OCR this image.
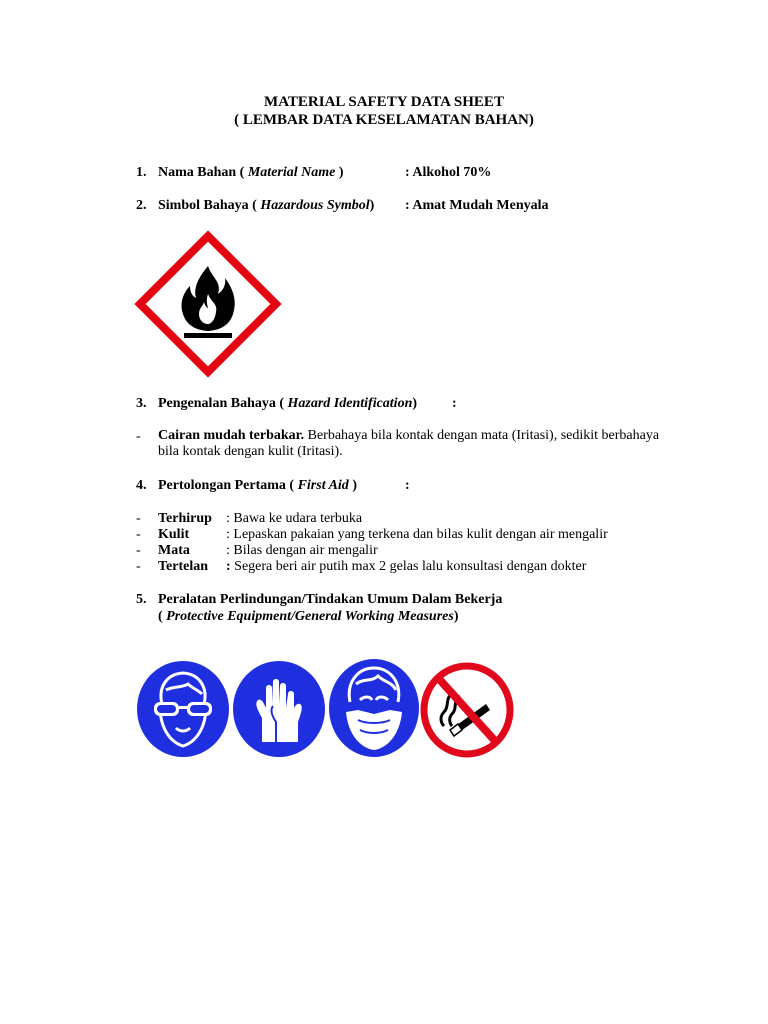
MATERIAL SAFETY DATA SHEET
( LEMBAR DATA KESELAMATAN BAHAN)
1. Nama Bahan ( Material Name )	: Alkohol 70%
2. Simbol Bahaya ( Hazardous Symbol) : Amat Mudah Menyala
3. Pengenalan Bahaya ( Hazard Identification) :
- Cairan mudah terbakar. Berbahaya bila kontak dengan mata (Iritasi), sedikit berbahaya bila kontak dengan kulit (Iritasi).
4. Pertolongan Pertama ( First Aid )	:
- Terhirup : Bawa ke udara terbuka
- Kulit	: Lepaskan pakaian yang terkena dan bilas kulit dengan air mengalir
- Mata	: Bilas dengan air mengalir
- Tertelan : Segera beri air putih max 2 gelas lalu konsultasi dengan dokter
5. Peralatan Perlindungan/Tindakan Umum Dalam Bekerja
( Protective Equipment/General Working Measures)
